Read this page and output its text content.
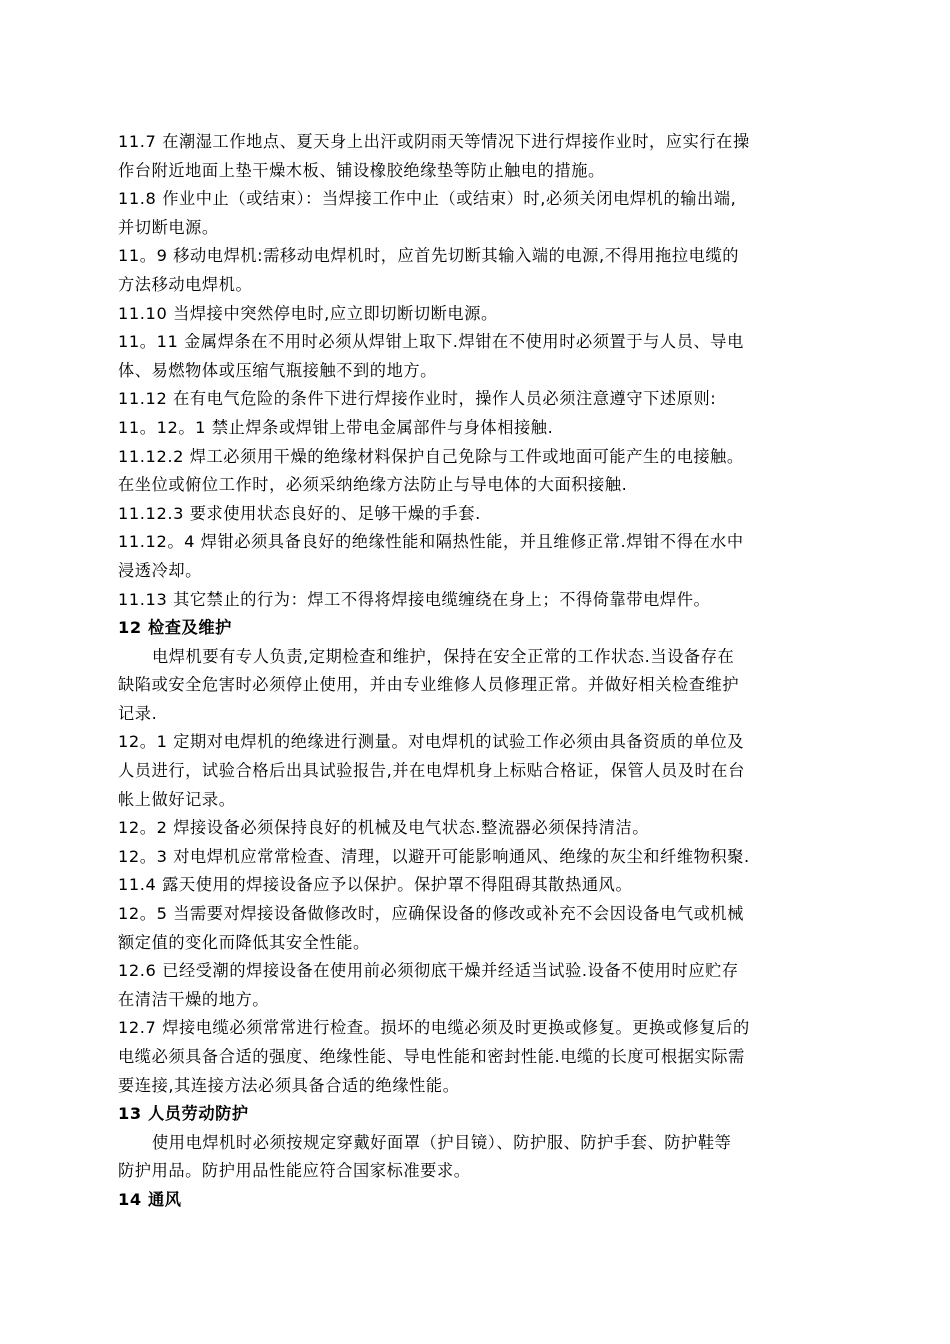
11.7 在潮湿工作地点、夏天身上出汗或阴雨天等情况下进行焊接作业时，应实行在操
作台附近地面上垫干燥木板、铺设橡胶绝缘垫等防止触电的措施。

11.8 作业中止（或结束）：当焊接工作中止（或结束）时,必须关闭电焊机的输出端,
并切断电源。

11。9 移动电焊机:需移动电焊机时，应首先切断其输入端的电源,不得用拖拉电缆的
方法移动电焊机。

11.10 当焊接中突然停电时,应立即切断切断电源。

11。11 金属焊条在不用时必须从焊钳上取下.焊钳在不使用时必须置于与人员、导电
体、易燃物体或压缩气瓶接触不到的地方。

11.12 在有电气危险的条件下进行焊接作业时，操作人员必须注意遵守下述原则:

11。12。1 禁止焊条或焊钳上带电金属部件与身体相接触.

11.12.2 焊工必须用干燥的绝缘材料保护自己免除与工件或地面可能产生的电接触。
在坐位或俯位工作时，必须采纳绝缘方法防止与导电体的大面积接触.

11.12.3 要求使用状态良好的、足够干燥的手套.

11.12。4 焊钳必须具备良好的绝缘性能和隔热性能，并且维修正常.焊钳不得在水中
浸透冷却。

11.13 其它禁止的行为：焊工不得将焊接电缆缠绕在身上；不得倚靠带电焊件。

12 检查及维护

电焊机要有专人负责,定期检查和维护，保持在安全正常的工作状态.当设备存在
缺陷或安全危害时必须停止使用，并由专业维修人员修理正常。并做好相关检查维护
记录.

12。1 定期对电焊机的绝缘进行测量。对电焊机的试验工作必须由具备资质的单位及
人员进行，试验合格后出具试验报告,并在电焊机身上标贴合格证，保管人员及时在台
帐上做好记录。

12。2 焊接设备必须保持良好的机械及电气状态.整流器必须保持清洁。

12。3 对电焊机应常常检查、清理，以避开可能影响通风、绝缘的灰尘和纤维物积聚.

11.4 露天使用的焊接设备应予以保护。保护罩不得阻碍其散热通风。

12。5 当需要对焊接设备做修改时，应确保设备的修改或补充不会因设备电气或机械
额定值的变化而降低其安全性能。

12.6 已经受潮的焊接设备在使用前必须彻底干燥并经适当试验.设备不使用时应贮存
在清洁干燥的地方。

12.7 焊接电缆必须常常进行检查。损坏的电缆必须及时更换或修复。更换或修复后的
电缆必须具备合适的强度、绝缘性能、导电性能和密封性能.电缆的长度可根据实际需
要连接,其连接方法必须具备合适的绝缘性能。

13 人员劳动防护

使用电焊机时必须按规定穿戴好面罩（护目镜）、防护服、防护手套、防护鞋等
防护用品。防护用品性能应符合国家标准要求。

14 通风
